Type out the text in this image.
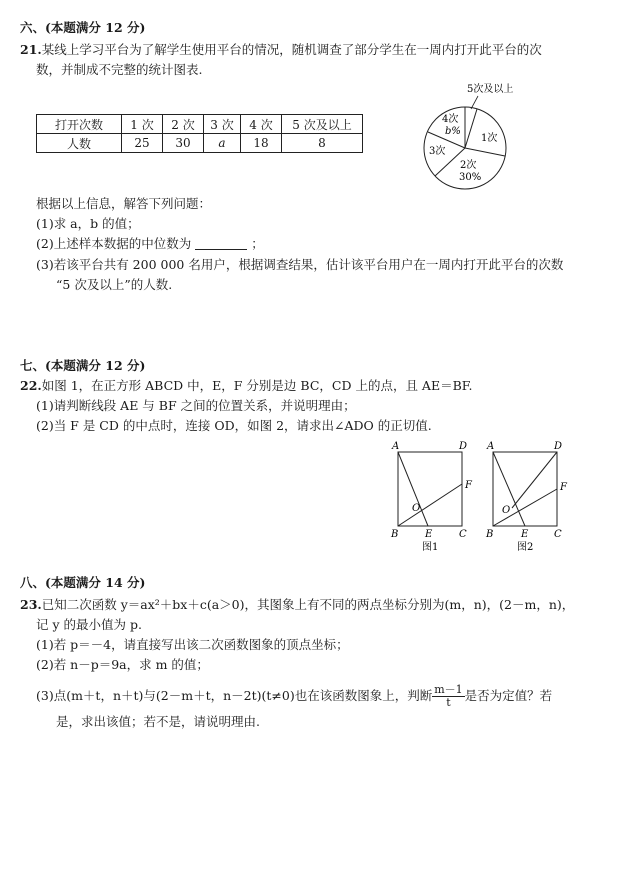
六、(本题满分 12 分)
21.某线上学习平台为了解学生使用平台的情况，随机调查了部分学生在一周内打开此平台的次
数，并制成不完整的统计图表.
打开次数	1 次	2 次	3 次	4 次	5 次及以上
人数	25	30	a	18	8
5次及以上
4次
b%
1次
3次
2次
30%
根据以上信息，解答下列问题：
(1)求 a，b 的值；
(2)上述样本数据的中位数为	；
(3)若该平台共有 200 000 名用户，根据调查结果，估计该平台用户在一周内打开此平台的次数
“5 次及以上”的人数.
七、(本题满分 12 分)
22.如图 1，在正方形 ABCD 中，E，F 分别是边 BC，CD 上的点，且 AE＝BF.
(1)请判断线段 AE 与 BF 之间的位置关系，并说明理由；
(2)当 F 是 CD 的中点时，连接 OD，如图 2，请求出∠ADO 的正切值.
A	D
B	E	C
F
O
图1
A	D
B	E	C
F
O
图2
八、(本题满分 14 分)
23.已知二次函数 y＝ax²＋bx＋c(a＞0)，其图象上有不同的两点坐标分别为(m，n)，(2－m，n)，
记 y 的最小值为 p.
(1)若 p＝－4，请直接写出该二次函数图象的顶点坐标；
(2)若 n－p＝9a，求 m 的值；
(3)点(m＋t，n＋t)与(2－m＋t，n－2t)(t≠0)也在该函数图象上，判断 $\frac{m-1}{t}$ 是否为定值？若
是，求出该值；若不是，请说明理由.
